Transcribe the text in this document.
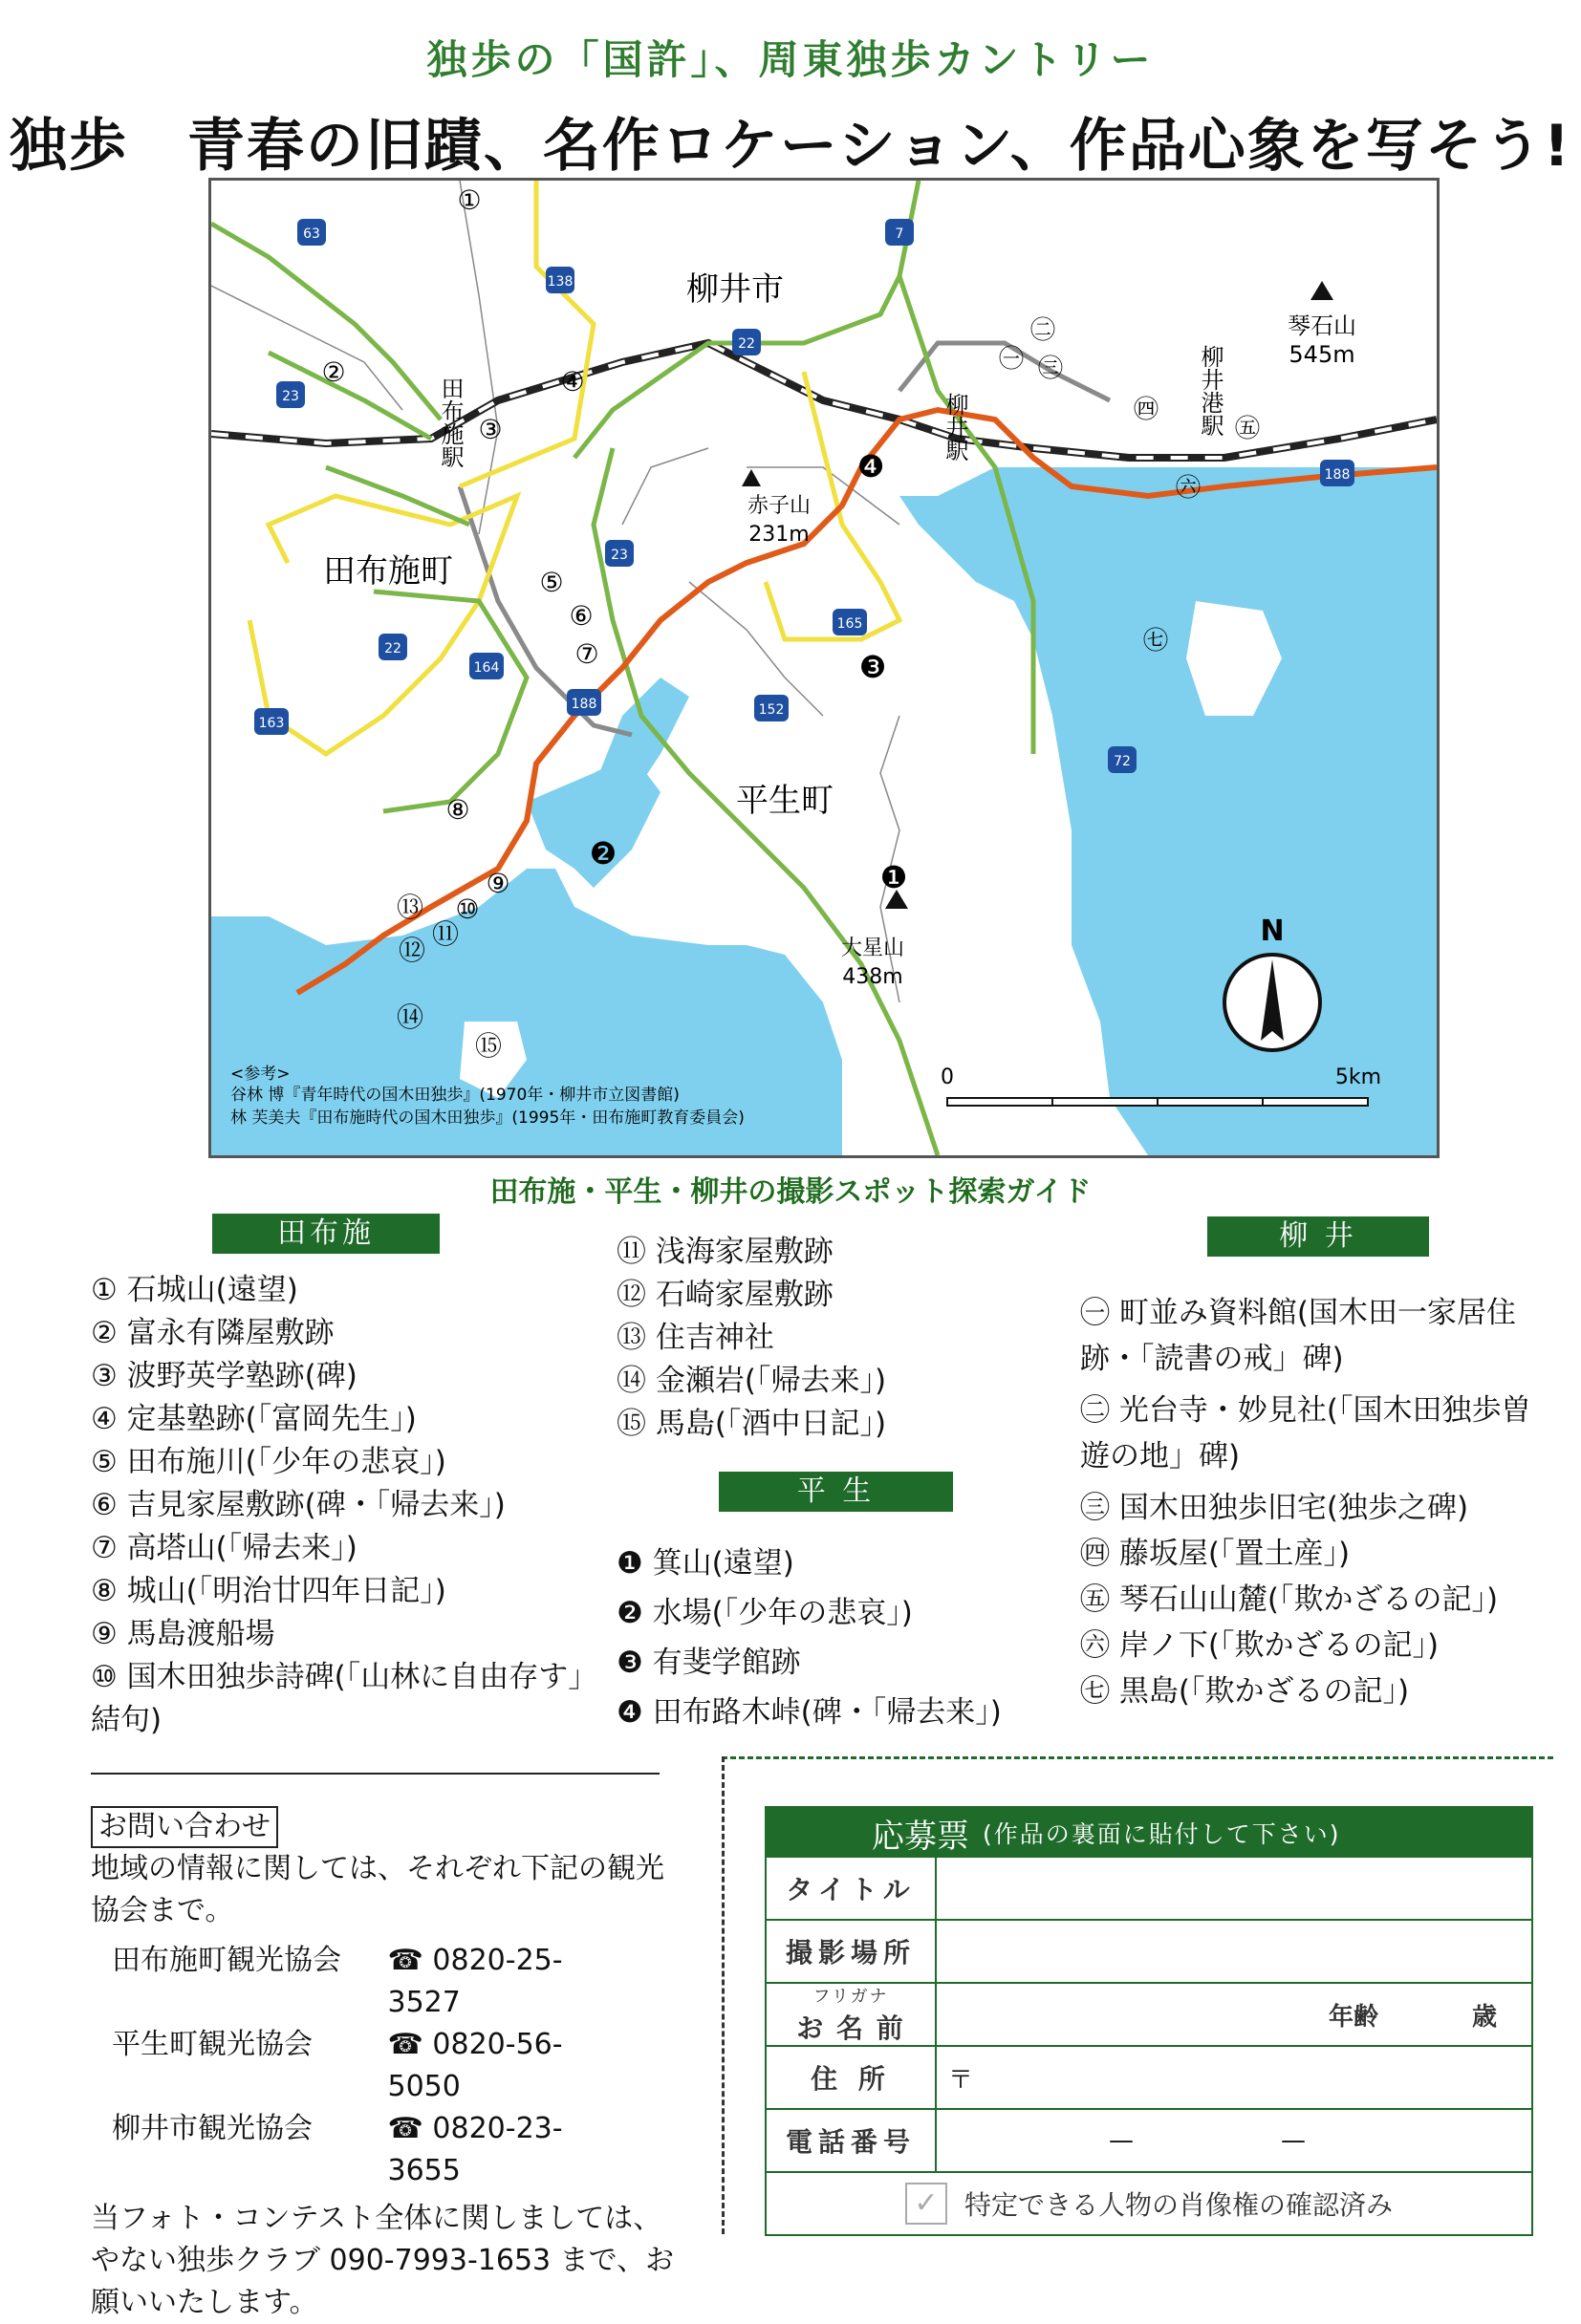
独歩の「国許」、周東独歩カントリー
独歩　青春の旧蹟、名作ロケーション、作品心象を写そう!
63
138
23
22
7
188
23
22
164
163
188
165
152
72
柳井市
田布施町
平生町
田布施駅	柳井駅	柳井港駅
琴石山
545m
赤子山
231m
大星山
438m
①
②
③
④
⑤
⑥
⑦
⑧
⑨
⑩
⑪
⑫
⑬
⑭
⑮
❶
❷
❸
❹
㊀
㊁
㊂
㊃
㊄
㊅
㊆
N
0	5km
<参考>
谷林 博『青年時代の国木田独歩』(1970年・柳井市立図書館)
林 芙美夫『田布施時代の国木田独歩』(1995年・田布施町教育委員会)
田布施・平生・柳井の撮影スポット探索ガイド
田布施
① 石城山(遠望)
② 富永有隣屋敷跡
③ 波野英学塾跡(碑)
④ 定基塾跡(「富岡先生」)
⑤ 田布施川(「少年の悲哀」)
⑥ 吉見家屋敷跡(碑・「帰去来」)
⑦ 高塔山(「帰去来」)
⑧ 城山(「明治廿四年日記」)
⑨ 馬島渡船場
⑩ 国木田独歩詩碑(「山林に自由存す」結句)
⑪ 浅海家屋敷跡
⑫ 石崎家屋敷跡
⑬ 住吉神社
⑭ 金瀬岩(「帰去来」)
⑮ 馬島(「酒中日記」)
平 生
❶ 箕山(遠望)
❷ 水場(「少年の悲哀」)
❸ 有斐学館跡
❹ 田布路木峠(碑・「帰去来」)
柳 井
㊀ 町並み資料館(国木田一家居住跡・「読書の戒」碑)
㊁ 光台寺・妙見社(「国木田独歩曽遊の地」碑)
㊂ 国木田独歩旧宅(独歩之碑)
㊃ 藤坂屋(「置土産」)
㊄ 琴石山山麓(「欺かざるの記」)
㊅ 岸ノ下(「欺かざるの記」)
㊆ 黒島(「欺かざるの記」)
お問い合わせ
地域の情報に関しては、それぞれ下記の観光協会まで。
田布施町観光協会	☎ 0820-25-3527
平生町観光協会	☎ 0820-56-5050
柳井市観光協会	☎ 0820-23-3655
当フォト・コンテスト全体に関しましては、やない独歩クラブ 090-7993-1653 まで、お願いいたします。
応募票 (作品の裏面に貼付して下さい)
タイトル
撮影場所
フリガナ
お 名 前	年齢	歳
住 所	〒
電話番号	—	—
✓ 特定できる人物の肖像権の確認済み
